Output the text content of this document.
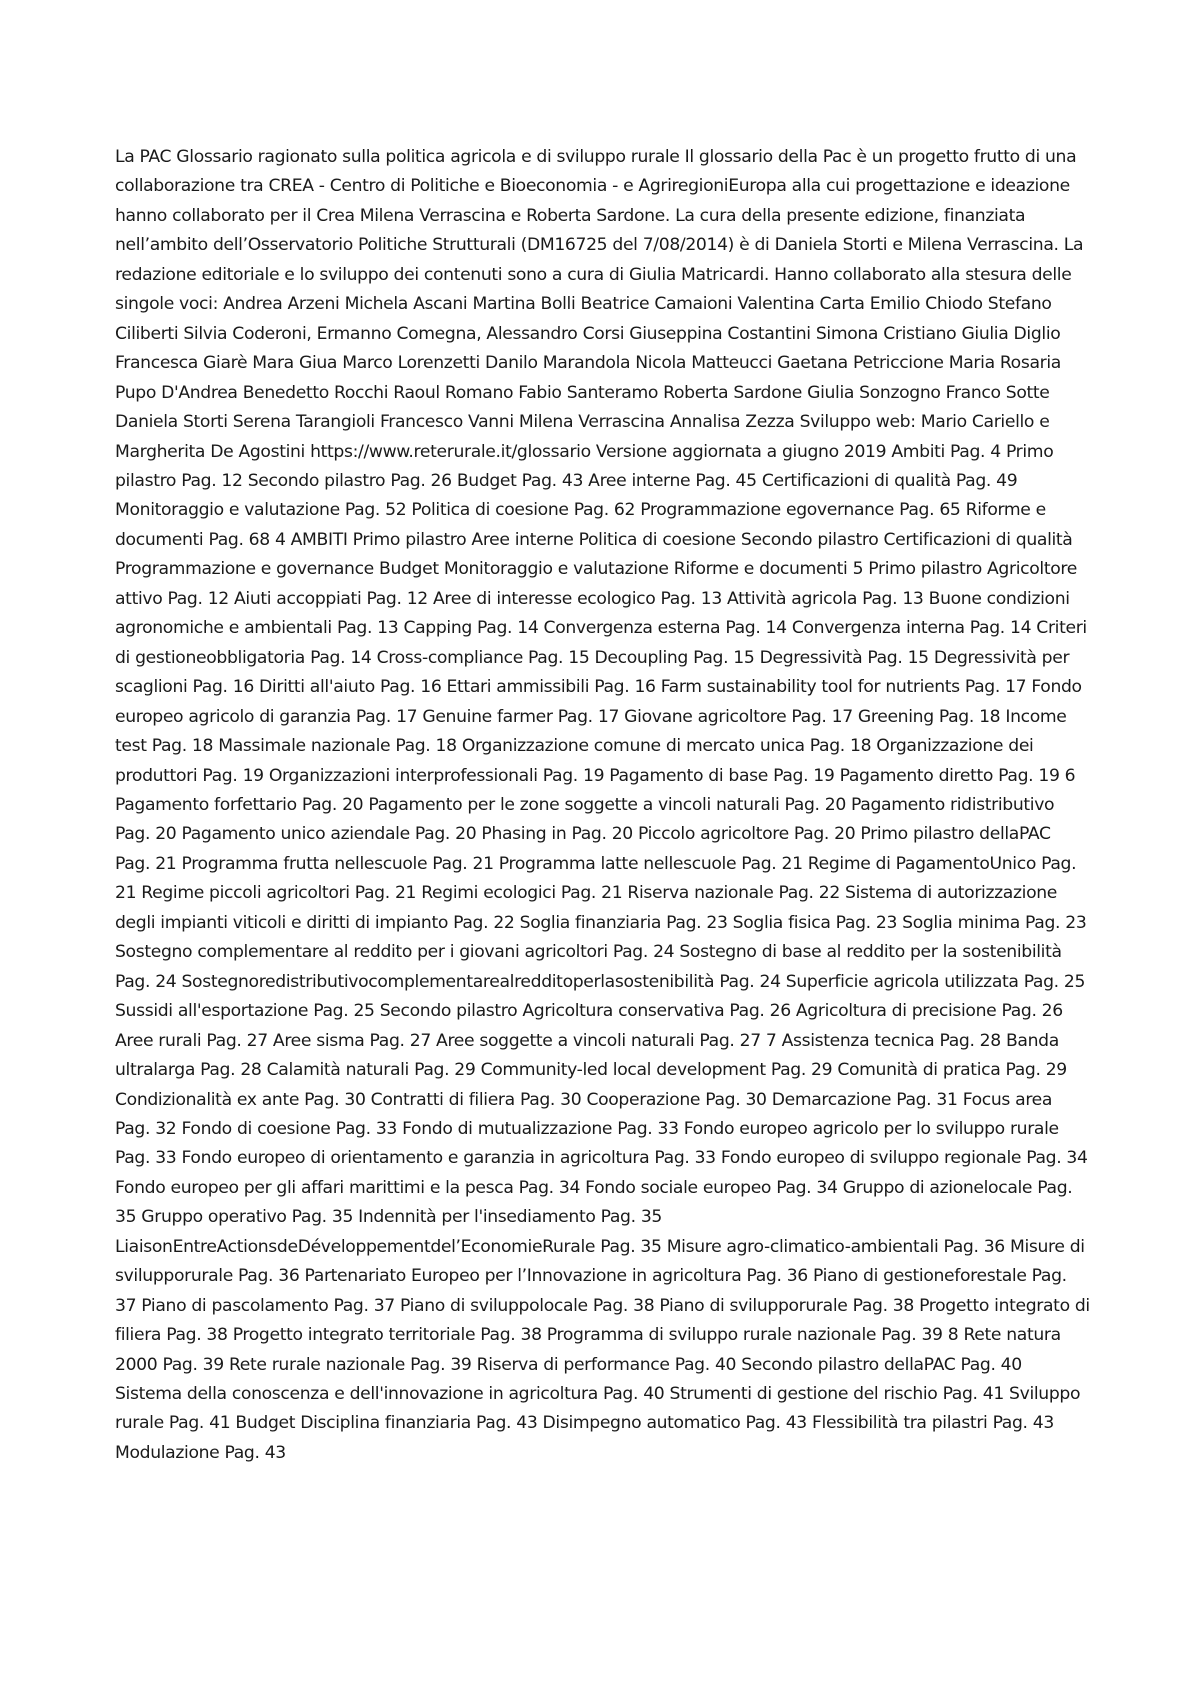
La PAC Glossario ragionato sulla politica agricola e di sviluppo rurale Il glossario della Pac è un progetto frutto di una collaborazione tra CREA - Centro di Politiche e Bioeconomia - e AgriregioniEuropa alla cui progettazione e ideazione hanno collaborato per il Crea Milena Verrascina e Roberta Sardone. La cura della presente edizione, finanziata nell’ambito dell’Osservatorio Politiche Strutturali (DM16725 del 7/08/2014) è di Daniela Storti e Milena Verrascina. La redazione editoriale e lo sviluppo dei contenuti sono a cura di Giulia Matricardi. Hanno collaborato alla stesura delle singole voci: Andrea Arzeni Michela Ascani Martina Bolli Beatrice Camaioni Valentina Carta Emilio Chiodo Stefano Ciliberti Silvia Coderoni, Ermanno Comegna, Alessandro Corsi Giuseppina Costantini Simona Cristiano Giulia Diglio Francesca Giarè Mara Giua Marco Lorenzetti Danilo Marandola Nicola Matteucci Gaetana Petriccione Maria Rosaria Pupo D'Andrea Benedetto Rocchi Raoul Romano Fabio Santeramo Roberta Sardone Giulia Sonzogno Franco Sotte Daniela Storti Serena Tarangioli Francesco Vanni Milena Verrascina Annalisa Zezza Sviluppo web: Mario Cariello e Margherita De Agostini https://www.reterurale.it/glossario Versione aggiornata a giugno 2019 Ambiti Pag. 4 Primo pilastro Pag. 12 Secondo pilastro Pag. 26 Budget Pag. 43 Aree interne Pag. 45 Certificazioni di qualità Pag. 49 Monitoraggio e valutazione Pag. 52 Politica di coesione Pag. 62 Programmazione egovernance Pag. 65 Riforme e documenti Pag. 68 4 AMBITI Primo pilastro Aree interne Politica di coesione Secondo pilastro Certificazioni di qualità Programmazione e governance Budget Monitoraggio e valutazione Riforme e documenti 5 Primo pilastro Agricoltore attivo Pag. 12 Aiuti accoppiati Pag. 12 Aree di interesse ecologico Pag. 13 Attività agricola Pag. 13 Buone condizioni agronomiche e ambientali Pag. 13 Capping Pag. 14 Convergenza esterna Pag. 14 Convergenza interna Pag. 14 Criteri di gestioneobbligatoria Pag. 14 Cross-compliance Pag. 15 Decoupling Pag. 15 Degressività Pag. 15 Degressività per scaglioni Pag. 16 Diritti all'aiuto Pag. 16 Ettari ammissibili Pag. 16 Farm sustainability tool for nutrients Pag. 17 Fondo europeo agricolo di garanzia Pag. 17 Genuine farmer Pag. 17 Giovane agricoltore Pag. 17 Greening Pag. 18 Income test Pag. 18 Massimale nazionale Pag. 18 Organizzazione comune di mercato unica Pag. 18 Organizzazione dei produttori Pag. 19 Organizzazioni interprofessionali Pag. 19 Pagamento di base Pag. 19 Pagamento diretto Pag. 19 6 Pagamento forfettario Pag. 20 Pagamento per le zone soggette a vincoli naturali Pag. 20 Pagamento ridistributivo Pag. 20 Pagamento unico aziendale Pag. 20 Phasing in Pag. 20 Piccolo agricoltore Pag. 20 Primo pilastro dellaPAC Pag. 21 Programma frutta nellescuole Pag. 21 Programma latte nellescuole Pag. 21 Regime di PagamentoUnico Pag. 21 Regime piccoli agricoltori Pag. 21 Regimi ecologici Pag. 21 Riserva nazionale Pag. 22 Sistema di autorizzazione degli impianti viticoli e diritti di impianto Pag. 22 Soglia finanziaria Pag. 23 Soglia fisica Pag. 23 Soglia minima Pag. 23 Sostegno complementare al reddito per i giovani agricoltori Pag. 24 Sostegno di base al reddito per la sostenibilità Pag. 24 Sostegnoredistributivocomplementarealredditoperlasostenibilità Pag. 24 Superficie agricola utilizzata Pag. 25 Sussidi all'esportazione Pag. 25 Secondo pilastro Agricoltura conservativa Pag. 26 Agricoltura di precisione Pag. 26 Aree rurali Pag. 27 Aree sisma Pag. 27 Aree soggette a vincoli naturali Pag. 27 7 Assistenza tecnica Pag. 28 Banda ultralarga Pag. 28 Calamità naturali Pag. 29 Community-led local development Pag. 29 Comunità di pratica Pag. 29 Condizionalità ex ante Pag. 30 Contratti di filiera Pag. 30 Cooperazione Pag. 30 Demarcazione Pag. 31 Focus area Pag. 32 Fondo di coesione Pag. 33 Fondo di mutualizzazione Pag. 33 Fondo europeo agricolo per lo sviluppo rurale Pag. 33 Fondo europeo di orientamento e garanzia in agricoltura Pag. 33 Fondo europeo di sviluppo regionale Pag. 34 Fondo europeo per gli affari marittimi e la pesca Pag. 34 Fondo sociale europeo Pag. 34 Gruppo di azionelocale Pag. 35 Gruppo operativo Pag. 35 Indennità per l'insediamento Pag. 35 LiaisonEntreActionsdeDéveloppementdel’EconomieRurale Pag. 35 Misure agro-climatico-ambientali Pag. 36 Misure di svilupporurale Pag. 36 Partenariato Europeo per l’Innovazione in agricoltura Pag. 36 Piano di gestioneforestale Pag. 37 Piano di pascolamento Pag. 37 Piano di sviluppolocale Pag. 38 Piano di svilupporurale Pag. 38 Progetto integrato di filiera Pag. 38 Progetto integrato territoriale Pag. 38 Programma di sviluppo rurale nazionale Pag. 39 8 Rete natura 2000 Pag. 39 Rete rurale nazionale Pag. 39 Riserva di performance Pag. 40 Secondo pilastro dellaPAC Pag. 40 Sistema della conoscenza e dell'innovazione in agricoltura Pag. 40 Strumenti di gestione del rischio Pag. 41 Sviluppo rurale Pag. 41 Budget Disciplina finanziaria Pag. 43 Disimpegno automatico Pag. 43 Flessibilità tra pilastri Pag. 43 Modulazione Pag. 43
